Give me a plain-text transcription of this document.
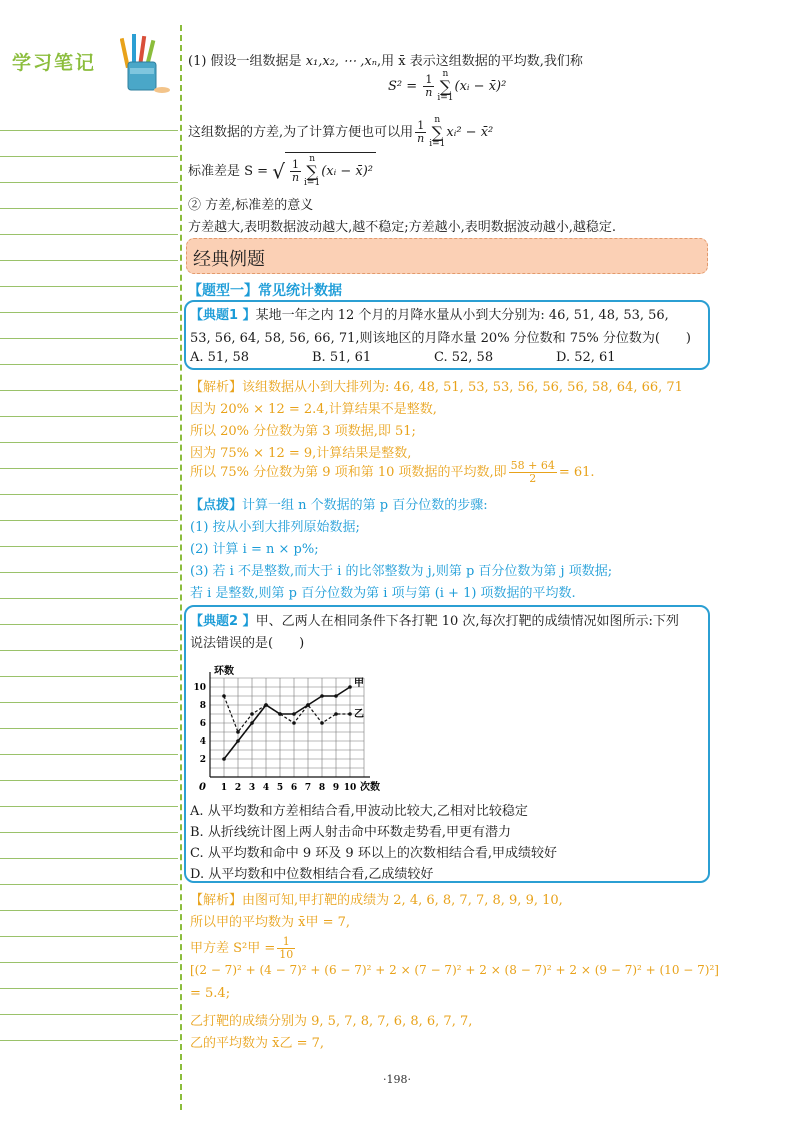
学习笔记	(1) 假设一组数据是 x₁,x₂, ⋯ ,xₙ,用 x̄ 表示这组数据的平均数,我们称
$S^2 = \frac{1}{n}$ n
∑
i=1(xᵢ − x̄)²
这组数据的方差,为了计算方便也可以用 $\frac{1}{n}$ n
∑
i=1xᵢ² − x̄²
标准差是 S = √ $\frac{1}{n}$ n
∑
i=1(xᵢ − x̄)²
② 方差,标准差的意义
方差越大,表明数据波动越大,越不稳定;方差越小,表明数据波动越小,越稳定.
经典例题
【题型一】常见统计数据
【典题1 】某地一年之内 12 个月的月降水量从小到大分别为: 46, 51, 48, 53, 56,
53, 56, 64, 58, 56, 66, 71,则该地区的月降水量 20% 分位数和 75% 分位数为(　　)
A. 51, 58	B. 51, 61	C. 52, 58	D. 52, 61
【解析】该组数据从小到大排列为: 46, 48, 51, 53, 53, 56, 56, 56, 58, 64, 66, 71
因为 20% × 12 = 2.4,计算结果不是整数,
所以 20% 分位数为第 3 项数据,即 51;
因为 75% × 12 = 9,计算结果是整数,
所以 75% 分位数为第 9 项和第 10 项数据的平均数,即 $\frac{58 + 64}{2} = 61$.
【点拨】计算一组 n 个数据的第 p 百分位数的步骤:
(1) 按从小到大排列原始数据;
(2) 计算 i = n × p%;
(3) 若 i 不是整数,而大于 i 的比邻整数为 j,则第 p 百分位数为第 j 项数据;
若 i 是整数,则第 p 百分位数为第 i 项与第 (i + 1) 项数据的平均数.
【典题2 】甲、乙两人在相同条件下各打靶 10 次,每次打靶的成绩情况如图所示:下列
说法错误的是(　　)
环数
次数
0 1 2 3 4 5 6 7 8 9 10
2
4
6
8
10	甲
乙
A. 从平均数和方差相结合看,甲波动比较大,乙相对比较稳定
B. 从折线统计图上两人射击命中环数走势看,甲更有潜力
C. 从平均数和命中 9 环及 9 环以上的次数相结合看,甲成绩较好
D. 从平均数和中位数相结合看,乙成绩较好
【解析】由图可知,甲打靶的成绩为 2, 4, 6, 8, 7, 7, 8, 9, 9, 10,
所以甲的平均数为 x̄甲 = 7,
甲方差 S²甲 = $\frac{1}{10}$
[(2 − 7)² + (4 − 7)² + (6 − 7)² + 2 × (7 − 7)² + 2 × (8 − 7)² + 2 × (9 − 7)² + (10 − 7)²]
= 5.4;
乙打靶的成绩分别为 9, 5, 7, 8, 7, 6, 8, 6, 7, 7,
乙的平均数为 x̄乙 = 7,
·198·
